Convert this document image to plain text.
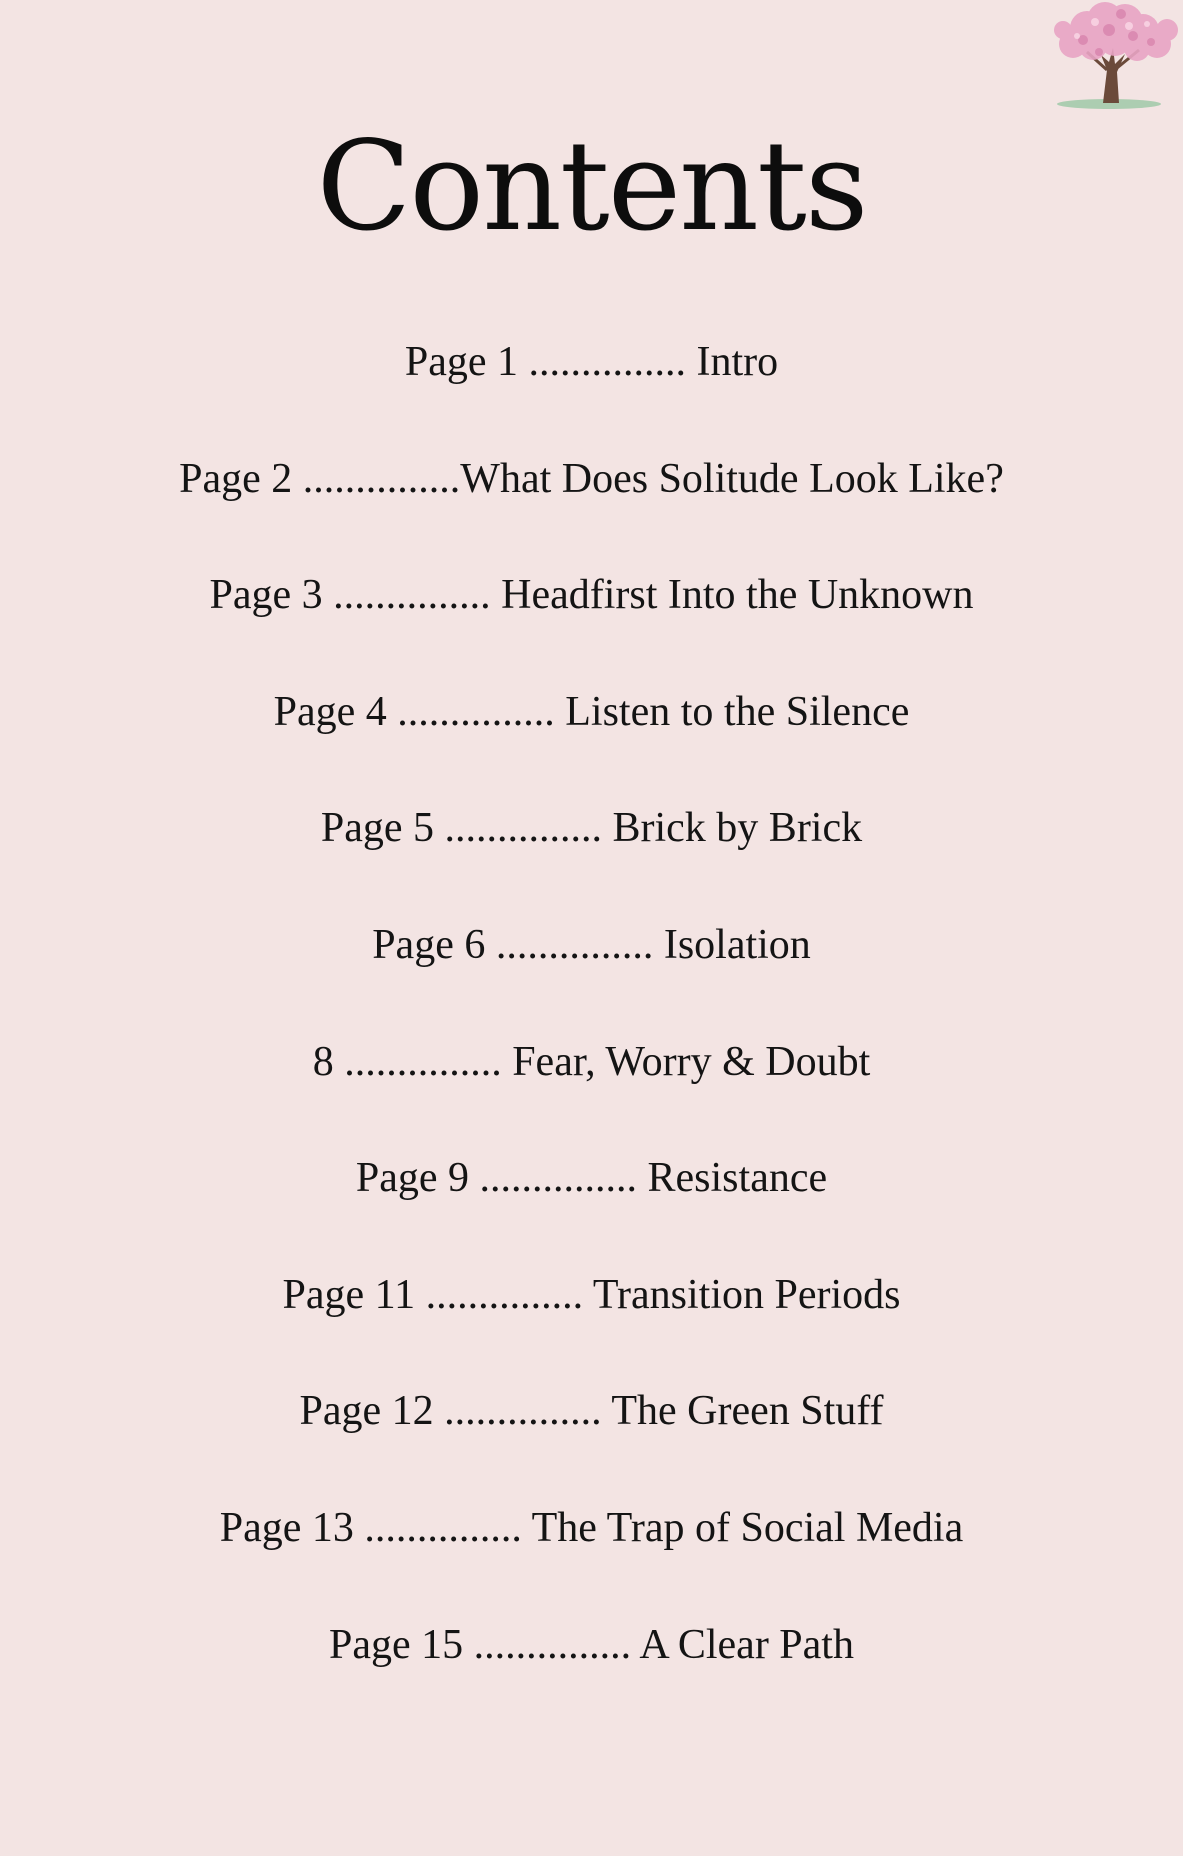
Contents
Page 1 ............... Intro
Page 2 ...............What Does Solitude Look Like?
Page 3 ............... Headfirst Into the Unknown
Page 4 ............... Listen to the Silence
Page 5 ............... Brick by Brick
Page 6 ............... Isolation
8 ............... Fear, Worry & Doubt
Page 9 ............... Resistance
Page 11 ............... Transition Periods
Page 12 ............... The Green Stuff
Page 13 ............... The Trap of Social Media
Page 15 ............... A Clear Path
